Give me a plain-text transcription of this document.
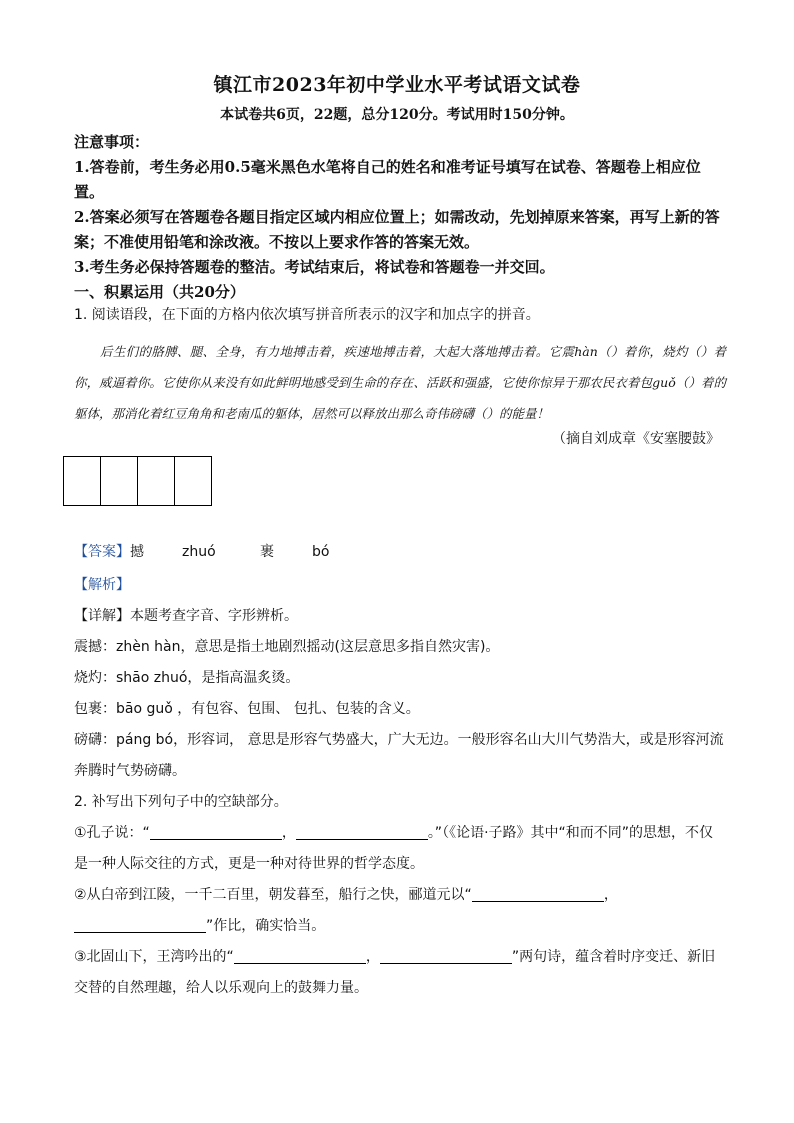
镇江市2023年初中学业水平考试语文试卷
本试卷共6页，22题，总分120分。考试用时150分钟。

注意事项：

1.答卷前，考生务必用0.5毫米黑色水笔将自己的姓名和准考证号填写在试卷、答题卷上相应位置。

2.答案必须写在答题卷各题目指定区域内相应位置上；如需改动，先划掉原来答案，再写上新的答案；不准使用铅笔和涂改液。不按以上要求作答的答案无效。

3.考生务必保持答题卷的整洁。考试结束后，将试卷和答题卷一并交回。

一、积累运用（共20分）

1. 阅读语段，在下面的方格内依次填写拼音所表示的汉字和加点字的拼音。

后生们的胳膊、腿、全身，有力地搏击着，疾速地搏击着，大起大落地搏击着。它震hàn（）着你，烧灼（）着你，威逼着你。它使你从来没有如此鲜明地感受到生命的存在、活跃和强盛，它使你惊异于那农民衣着包guǒ（）着的躯体，那消化着红豆角角和老南瓜的躯体，居然可以释放出那么奇伟磅礴（）的能量！

（摘自刘成章《安塞腰鼓》
【答案】撼	zhuó	裹	bó

【解析】

【详解】本题考查字音、字形辨析。

震撼：zhèn hàn，意思是指土地剧烈摇动(这层意思多指自然灾害)。

烧灼：shāo zhuó，是指高温炙烫。

包裹：bāo guǒ ，有包容、包围、 包扎、包装的含义。

磅礴：páng bó，形容词， 意思是形容气势盛大，广大无边。一般形容名山大川气势浩大，或是形容河流奔腾时气势磅礴。

2. 补写出下列句子中的空缺部分。

①孔子说：“	，	。”（《论语·子路》其中“和而不同”的思想，不仅是一种人际交往的方式，更是一种对待世界的哲学态度。

②从白帝到江陵，一千二百里，朝发暮至，船行之快，郦道元以“	，”作比，确实恰当。

③北固山下，王湾吟出的“	，	”两句诗，蕴含着时序变迁、新旧交替的自然理趣，给人以乐观向上的鼓舞力量。
